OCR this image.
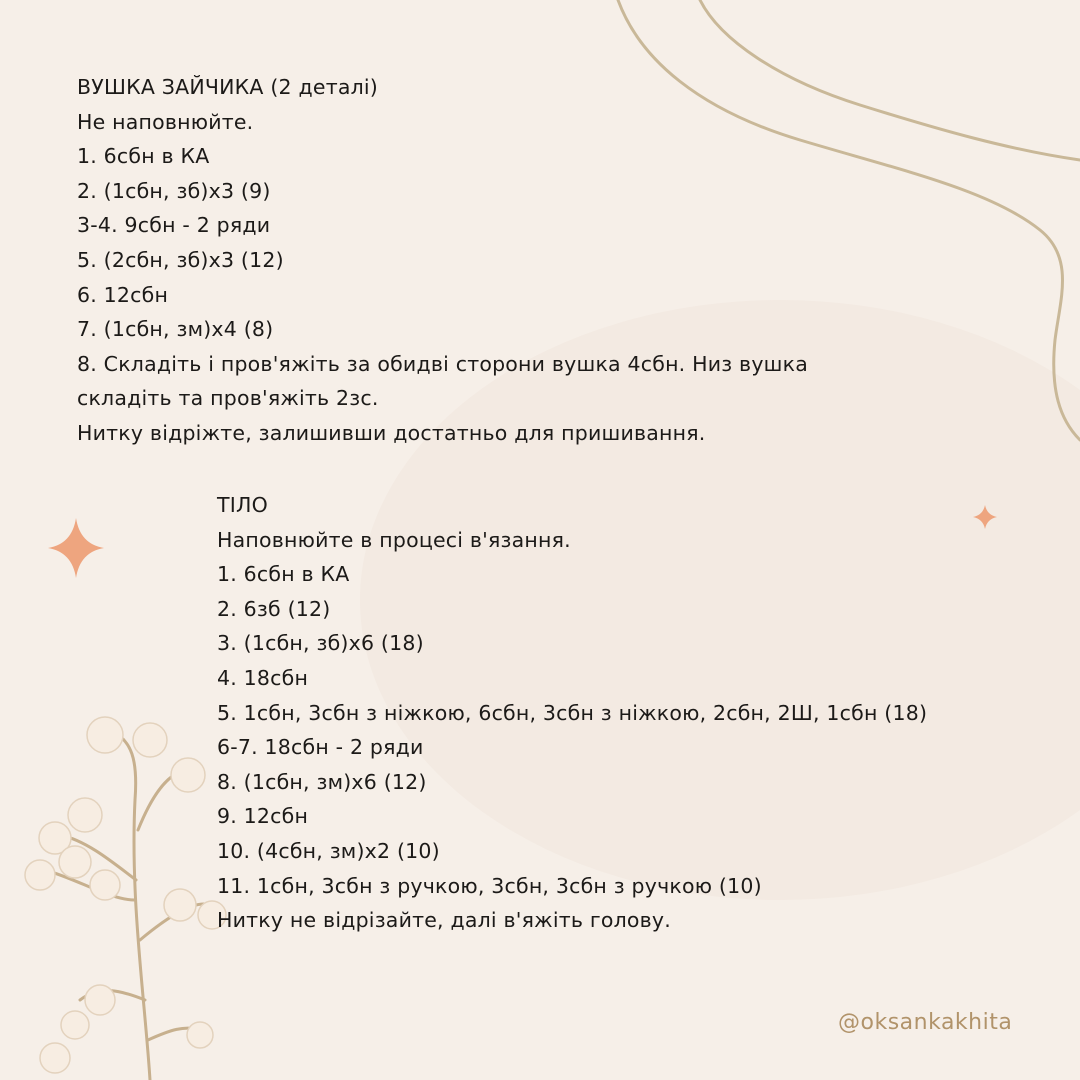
ВУШКА ЗАЙЧИКА (2 деталі)
Не наповнюйте.
1. 6сбн в КА
2. (1сбн, зб)x3 (9)
3-4. 9сбн - 2 ряди
5. (2сбн, зб)x3 (12)
6. 12сбн
7. (1сбн, зм)x4 (8)
8. Складіть і пров'яжіть за обидві сторони вушка 4сбн. Низ вушка
складіть та пров'яжіть 2зс.
Нитку відріжте, залишивши достатньо для пришивання.
ТІЛО
Наповнюйте в процесі в'язання.
1. 6сбн в КА
2. 6зб (12)
3. (1сбн, зб)x6 (18)
4. 18сбн
5. 1сбн, 3сбн з ніжкою, 6сбн, 3сбн з ніжкою, 2сбн, 2Ш, 1сбн (18)
6-7. 18сбн - 2 ряди
8. (1сбн, зм)x6 (12)
9. 12сбн
10. (4сбн, зм)x2 (10)
11. 1сбн, 3сбн з ручкою, 3сбн, 3сбн з ручкою (10)
Нитку не відрізайте, далі в'яжіть голову.
@oksankakhita
